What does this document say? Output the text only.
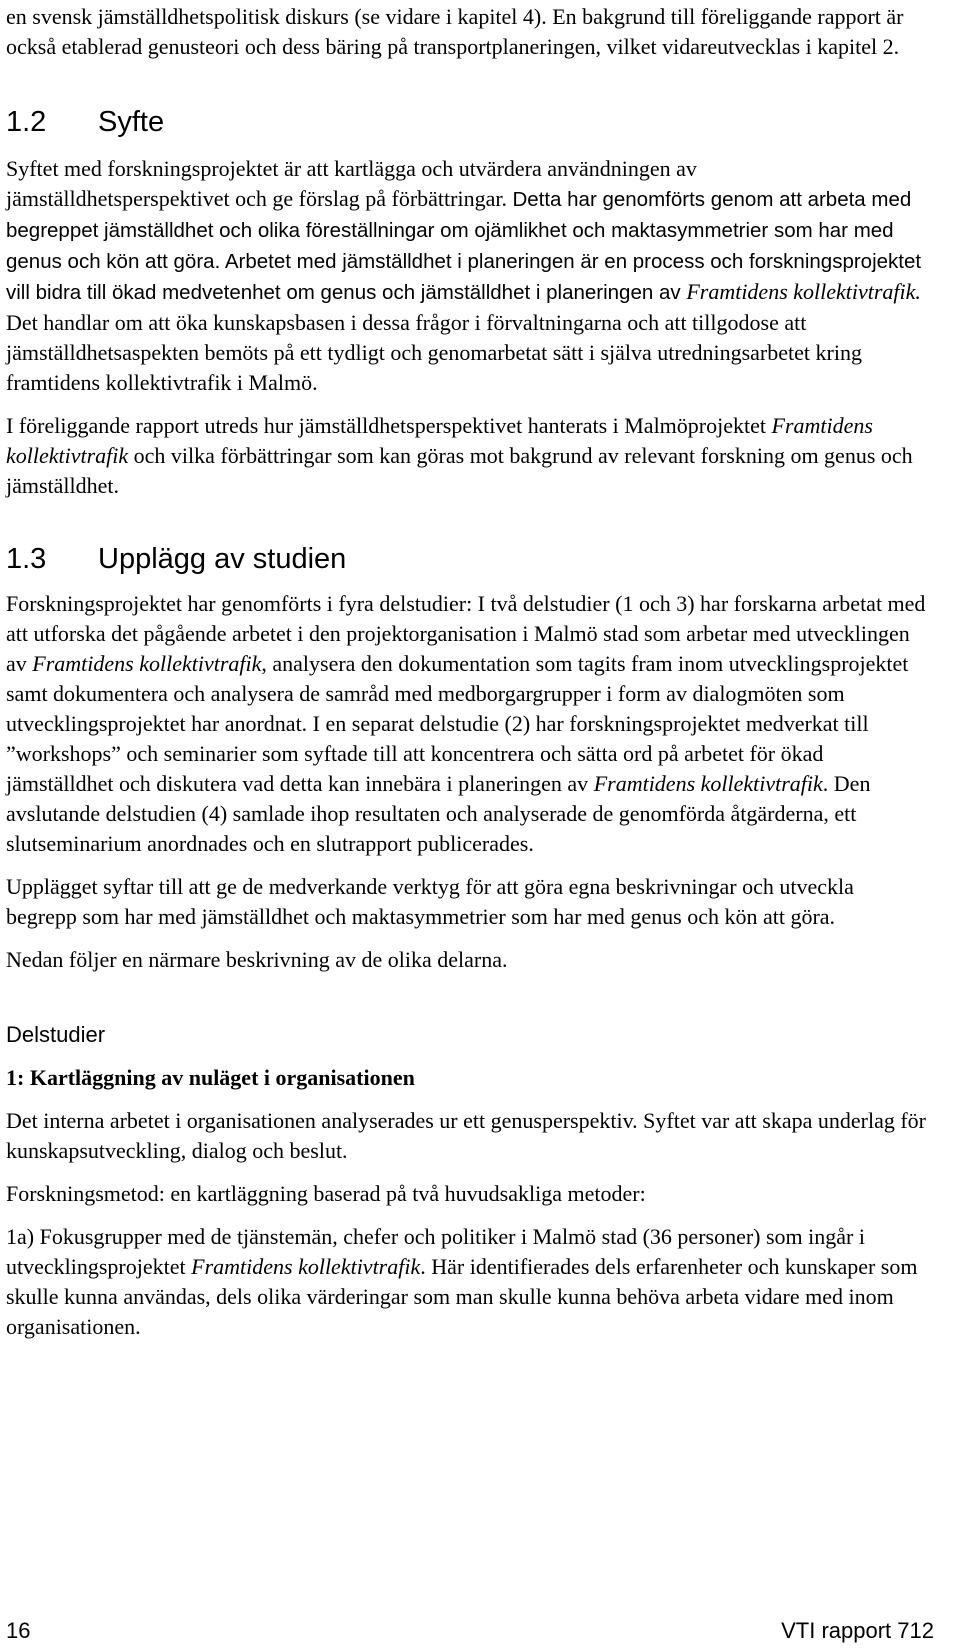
en svensk jämställdhetspolitisk diskurs (se vidare i kapitel 4). En bakgrund till föreliggande rapport är också etablerad genusteori och dess bäring på transportplaneringen, vilket vidareutvecklas i kapitel 2.

1.2 Syfte

Syftet med forskningsprojektet är att kartlägga och utvärdera användningen av jämställdhetsperspektivet och ge förslag på förbättringar. Detta har genomförts genom att arbeta med begreppet jämställdhet och olika föreställningar om ojämlikhet och maktasymmetrier som har med genus och kön att göra. Arbetet med jämställdhet i planeringen är en process och forskningsprojektet vill bidra till ökad medvetenhet om genus och jämställdhet i planeringen av Framtidens kollektivtrafik. Det handlar om att öka kunskapsbasen i dessa frågor i förvaltningarna och att tillgodose att jämställdhetsaspekten bemöts på ett tydligt och genomarbetat sätt i själva utredningsarbetet kring framtidens kollektivtrafik i Malmö.

I föreliggande rapport utreds hur jämställdhetsperspektivet hanterats i Malmöprojektet Framtidens kollektivtrafik och vilka förbättringar som kan göras mot bakgrund av relevant forskning om genus och jämställdhet.

1.3 Upplägg av studien

Forskningsprojektet har genomförts i fyra delstudier: I två delstudier (1 och 3) har forskarna arbetat med att utforska det pågående arbetet i den projektorganisation i Malmö stad som arbetar med utvecklingen av Framtidens kollektivtrafik, analysera den dokumentation som tagits fram inom utvecklingsprojektet samt dokumentera och analysera de samråd med medborgargrupper i form av dialogmöten som utvecklingsprojektet har anordnat. I en separat delstudie (2) har forskningsprojektet medverkat till ”workshops” och seminarier som syftade till att koncentrera och sätta ord på arbetet för ökad jämställdhet och diskutera vad detta kan innebära i planeringen av Framtidens kollektivtrafik. Den avslutande delstudien (4) samlade ihop resultaten och analyserade de genomförda åtgärderna, ett slutseminarium anordnades och en slutrapport publicerades.

Upplägget syftar till att ge de medverkande verktyg för att göra egna beskrivningar och utveckla begrepp som har med jämställdhet och maktasymmetrier som har med genus och kön att göra.

Nedan följer en närmare beskrivning av de olika delarna.

Delstudier
1: Kartläggning av nuläget i organisationen

Det interna arbetet i organisationen analyserades ur ett genusperspektiv. Syftet var att skapa underlag för kunskapsutveckling, dialog och beslut.

Forskningsmetod: en kartläggning baserad på två huvudsakliga metoder:

1a) Fokusgrupper med de tjänstemän, chefer och politiker i Malmö stad (36 personer) som ingår i utvecklingsprojektet Framtidens kollektivtrafik. Här identifierades dels erfarenheter och kunskaper som skulle kunna användas, dels olika värderingar som man skulle kunna behöva arbeta vidare med inom organisationen.

16	VTI rapport 712
